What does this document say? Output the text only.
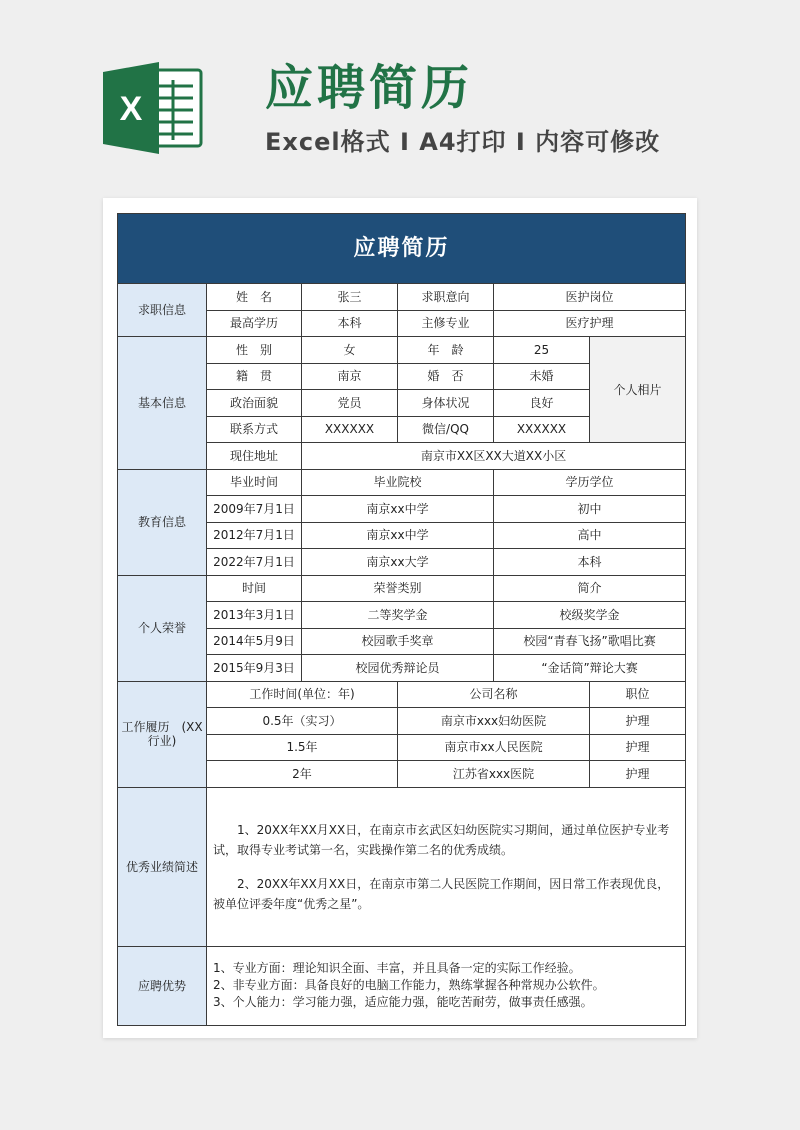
X	应聘简历
Excel格式 I A4打印 I 内容可修改
应聘简历					
求职信息	姓　名	张三	求职意向	医护岗位	
	最高学历	本科	主修专业	医疗护理	
基本信息	性　别	女	年　龄	25	个人相片
	籍　贯	南京	婚　否	未婚	
	政治面貌	党员	身体状况	良好	
	联系方式	XXXXXX	微信/QQ	XXXXXX	
	现住地址	南京市XX区XX大道XX小区			
教育信息	毕业时间	毕业院校		学历学位	
	2009年7月1日	南京xx中学		初中	
	2012年7月1日	南京xx中学		高中	
	2022年7月1日	南京xx大学		本科	
个人荣誉	时间	荣誉类别		简介	
	2013年3月1日	二等奖学金		校级奖学金	
	2014年5月9日	校园歌手奖章		校园“青春飞扬”歌唱比赛	
	2015年9月3日	校园优秀辩论员		“金话筒”辩论大赛	
工作履历　(XX行业)	工作时间(单位：年)		公司名称		职位
	0.5年（实习）		南京市xxx妇幼医院		护理
	1.5年		南京市xx人民医院		护理
	2年		江苏省xxx医院		护理
优秀业绩简述	1、20XX年XX月XX日，在南京市玄武区妇幼医院实习期间，通过单位医护专业考试，取得专业考试第一名，实践操作第二名的优秀成绩。

2、20XX年XX月XX日，在南京市第二人民医院工作期间，因日常工作表现优良，被单位评委年度“优秀之星”。				

应聘优势	1、专业方面：理论知识全面、丰富，并且具备一定的实际工作经验。
2、非专业方面：具备良好的电脑工作能力，熟练掌握各种常规办公软件。
3、个人能力：学习能力强，适应能力强，能吃苦耐劳，做事责任感强。				
